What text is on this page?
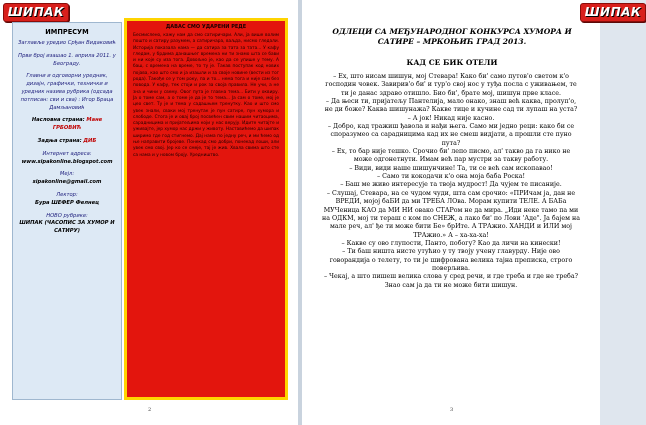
ШИПАК
ИМПРЕСУМ

Заглавље уредио Срђан Видаковић

Први број изашао 1. априла 2011. у Београду.

Главни и одговорни уредник, дизајн, графички, технички и уредник назива рубрика (одсада потписан: сви и сва) : Игор Браца Дамљановић

Насловна страна: Мане ГРБОВИЋ

Задња страна: ДИБ

Интернет адреса:
www.sipakonline.blogspot.com

Мејл:
sipakonline@gmail.com

Лектор:
Бура ШЕФЕР Фелнец

НОВО рубрике:
ШИПАК (ЧАСОПИС ЗА ХУМОР И САТИРУ)

ДАВАС СМО УДАРЕНИ РЕДЕ

Бесмислено, кажу нам да смо сатиричари. Али, ја више волим пошто и сатиру разумем, а сатиричара, ваљда, нисмо гледали. Историја показала нама — да сатира за тата за тата... У кафу гледам, у брдима данашњег времена ни ти знамо шта се бави и ни које су иза тога. Довољно је, као да се упише у тему. А баш, с времена на време, то ту је. Такав поступак код нових појава, као што смо и ја изашли и за своје новине (вести из тог рода). Такође се у том року, па и то... нема тога и није сам без повода. У кафу, тек стоји и рок за своја правила. Не учи, а не зна и чини у свему. Овог пута је главна тема... Бити у оквиру. Ја о томе сам, а о томе је да је то тема... Ја сам о томе, мој је цео свет. Ту је и тема у садашњем тренутку. Као и што смо увек знали, сваки мој тренутак је пун сатире, пун хумора и слободе. Стога је и овај број посвећен свим нашим читаоцима, сарадницима и пријатељима који у нас верују. Идите читајте и уживајте, јер хумор нас држи у животу. Наставићемо да шипак ширимо где год стигнемо. Дај нама по једну реч, и ми ћемо од ње направити бројеве. Понекад смо добри, понекад лоши, али увек смо свој. Јер ко се смеје, тај је жив. Хвала свима што сте са нама и у новом броју. Уредништво.

2
ШИПАК
ОДЛЕЦИ СА МЕЂУНАРОДНОГ КОНКУРСА ХУМОРА И САТИРЕ – МРКОЊИЋ ГРАД 2013.
КАД СЕ БИК ОТЕЛИ

– Ех, што нисам шишун, мој Стевара! Како би' само путов'о светом к'о господин човек. Завирив'о би' и тур'о свој нос у туђа посла с уживањем, те ти је данас здраво отишло. Био би', брате мој, шишун прве класе.

– Да њеси ти, пријатељу Пантелија, мало онако, знаш већ каква, пролуп'о, не ди боже? Каква шишунажа? Какве тице и кучине сад ти лупаш на уста?

– А јок! Никад није касно.

– Добро, кад тражиш ђавола и нађи њега. Само ми једно реци: како би се споразумео са сарадницима кад их не смеш видјати, а прошли сте пуно пута?

– Ех, то бар није тешко. Срочио би' лепо писмо, ал' такво да га нико не може одгонетнути. Имам већ пар мустри за такву работу.

– Види, види наше шишунчине! Та, ти се већ сам ископавао!

– Само ти кокодачи к'о она моја баба Роска!

– Баш ме живо интересује та твоја мудрост! Да чујем те писаније.

– Слушај, Стевара, на се чудом чуди, шта сам срочио: «ПРИчам ја, дан не ВРЕДИ, мојој баБИ да ми ТРЕБА ЛОва. Морам купити ТЕЛЕ. А БАБа МУЧеница КАО да МИ НИ овако СТАРом не да мира. „Иди неке тамо па ми на ОДКМ, мој ти тераш с ком по СНЕЖ, а лако би' по Лови 'Аде". Ја бајем на мале реч, ал' ђе ти може бити Бе» брИте. А ТРАжио. ХАНДИ и ИЛИ мој ТРАжио.» А – ха-ха-ха!

– Какве су ово глупости, Панто, побогу? Као да личи на кинески!

– Ти баш ништа нисте утућио у ту твоју учену главурду. Није ово говорандија о телету, то ти је шифрована велика тајна преписка, строго поверљива.

– Чекај, а што пишеш велика слова у сред речи, и где треба и где не треба? Знао сам ја да ти не може бити шишун.

3
